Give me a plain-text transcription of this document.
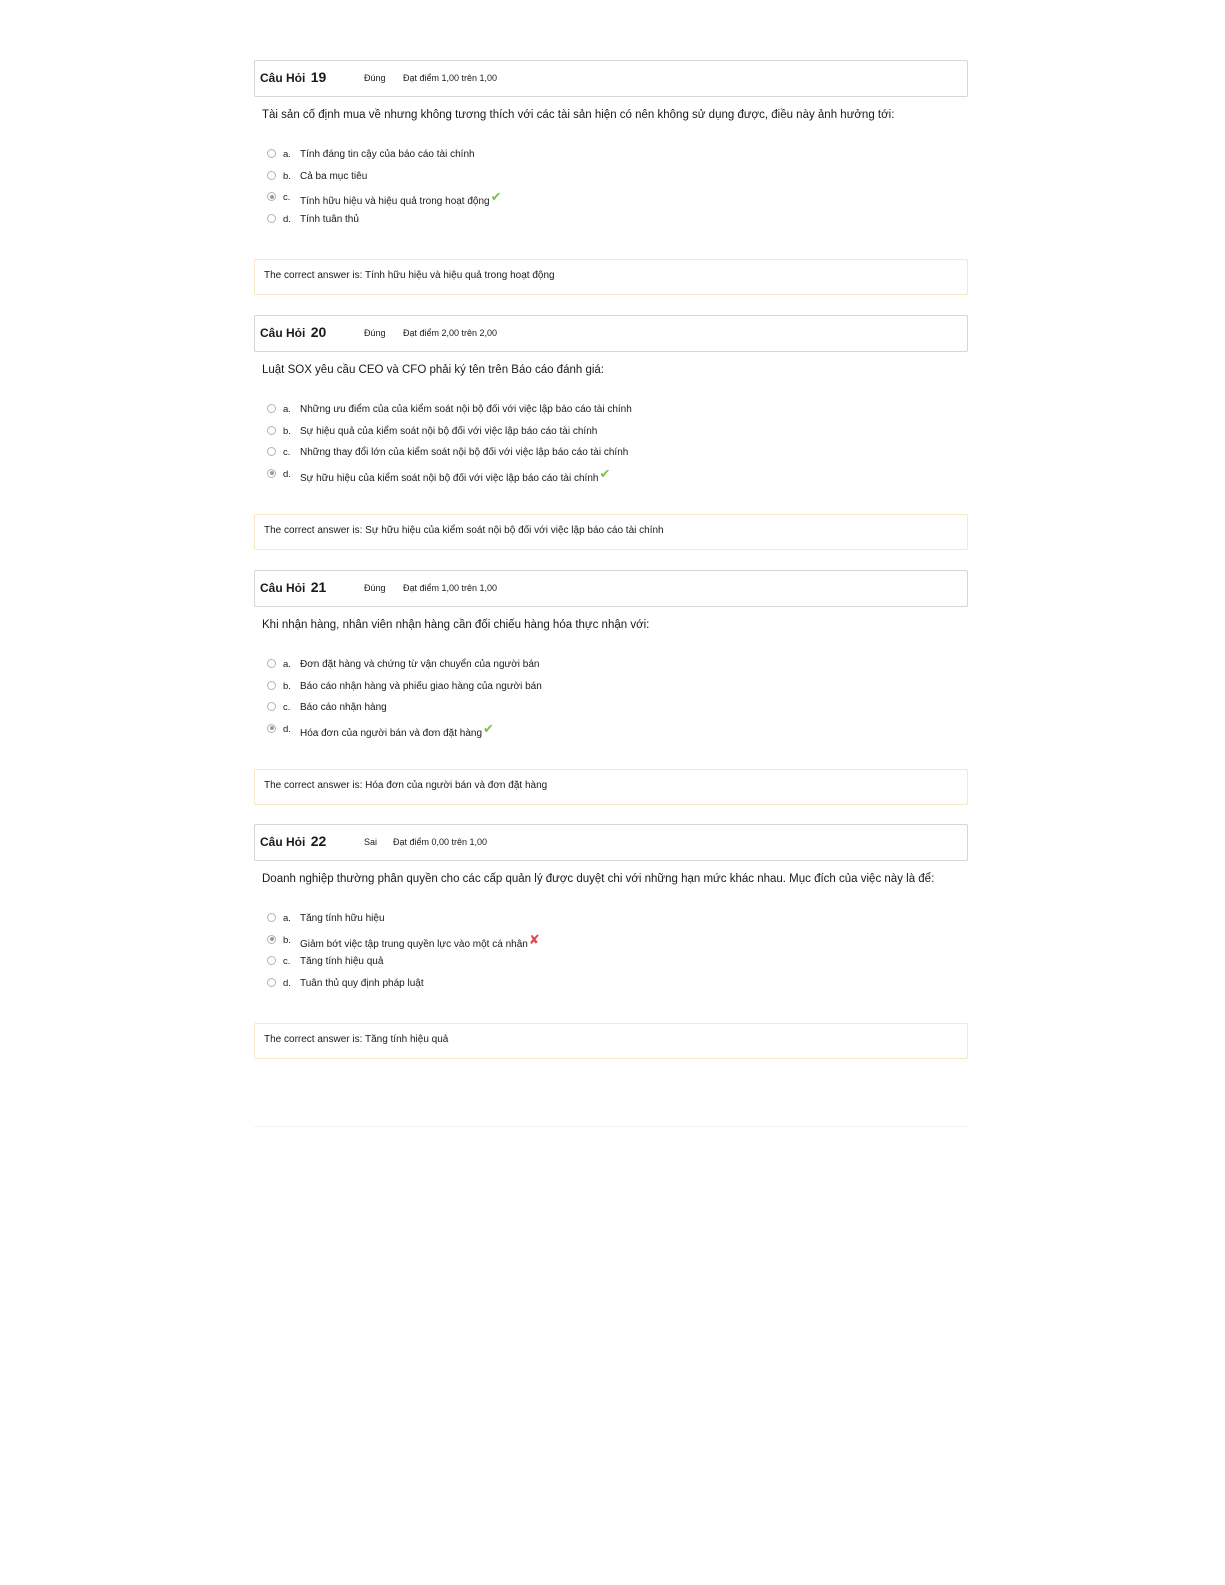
Câu Hỏi 19	Đúng Đạt điểm 1,00 trên 1,00
Tài sản cố định mua về nhưng không tương thích với các tài sản hiện có nên không sử dụng được, điều này ảnh hưởng tới:
a. Tính đáng tin cậy của báo cáo tài chính
b. Cả ba mục tiêu
c. Tính hữu hiệu và hiệu quả trong hoạt động✔
d. Tính tuân thủ
The correct answer is: Tính hữu hiệu và hiệu quả trong hoạt động
Câu Hỏi 20	Đúng Đạt điểm 2,00 trên 2,00
Luật SOX yêu cầu CEO và CFO phải ký tên trên Báo cáo đánh giá:
a. Những ưu điểm của của kiểm soát nội bộ đối với việc lập báo cáo tài chính
b. Sự hiệu quả của kiểm soát nội bộ đối với việc lập báo cáo tài chính
c. Những thay đổi lớn của kiểm soát nội bộ đối với việc lập báo cáo tài chính
d. Sự hữu hiệu của kiểm soát nội bộ đối với việc lập báo cáo tài chính✔
The correct answer is: Sự hữu hiệu của kiểm soát nội bộ đối với việc lập báo cáo tài chính
Câu Hỏi 21	Đúng Đạt điểm 1,00 trên 1,00
Khi nhận hàng, nhân viên nhận hàng cần đối chiếu hàng hóa thực nhận với:
a. Đơn đặt hàng và chứng từ vận chuyển của người bán
b. Báo cáo nhận hàng và phiếu giao hàng của người bán
c. Báo cáo nhận hàng
d. Hóa đơn của người bán và đơn đặt hàng✔
The correct answer is: Hóa đơn của người bán và đơn đặt hàng
Câu Hỏi 22	Sai Đạt điểm 0,00 trên 1,00
Doanh nghiệp thường phân quyền cho các cấp quản lý được duyệt chi với những hạn mức khác nhau. Mục đích của việc này là để:
a. Tăng tính hữu hiệu
b. Giảm bớt việc tập trung quyền lực vào một cá nhân✘
c. Tăng tính hiệu quả
d. Tuân thủ quy định pháp luật
The correct answer is: Tăng tính hiệu quả
